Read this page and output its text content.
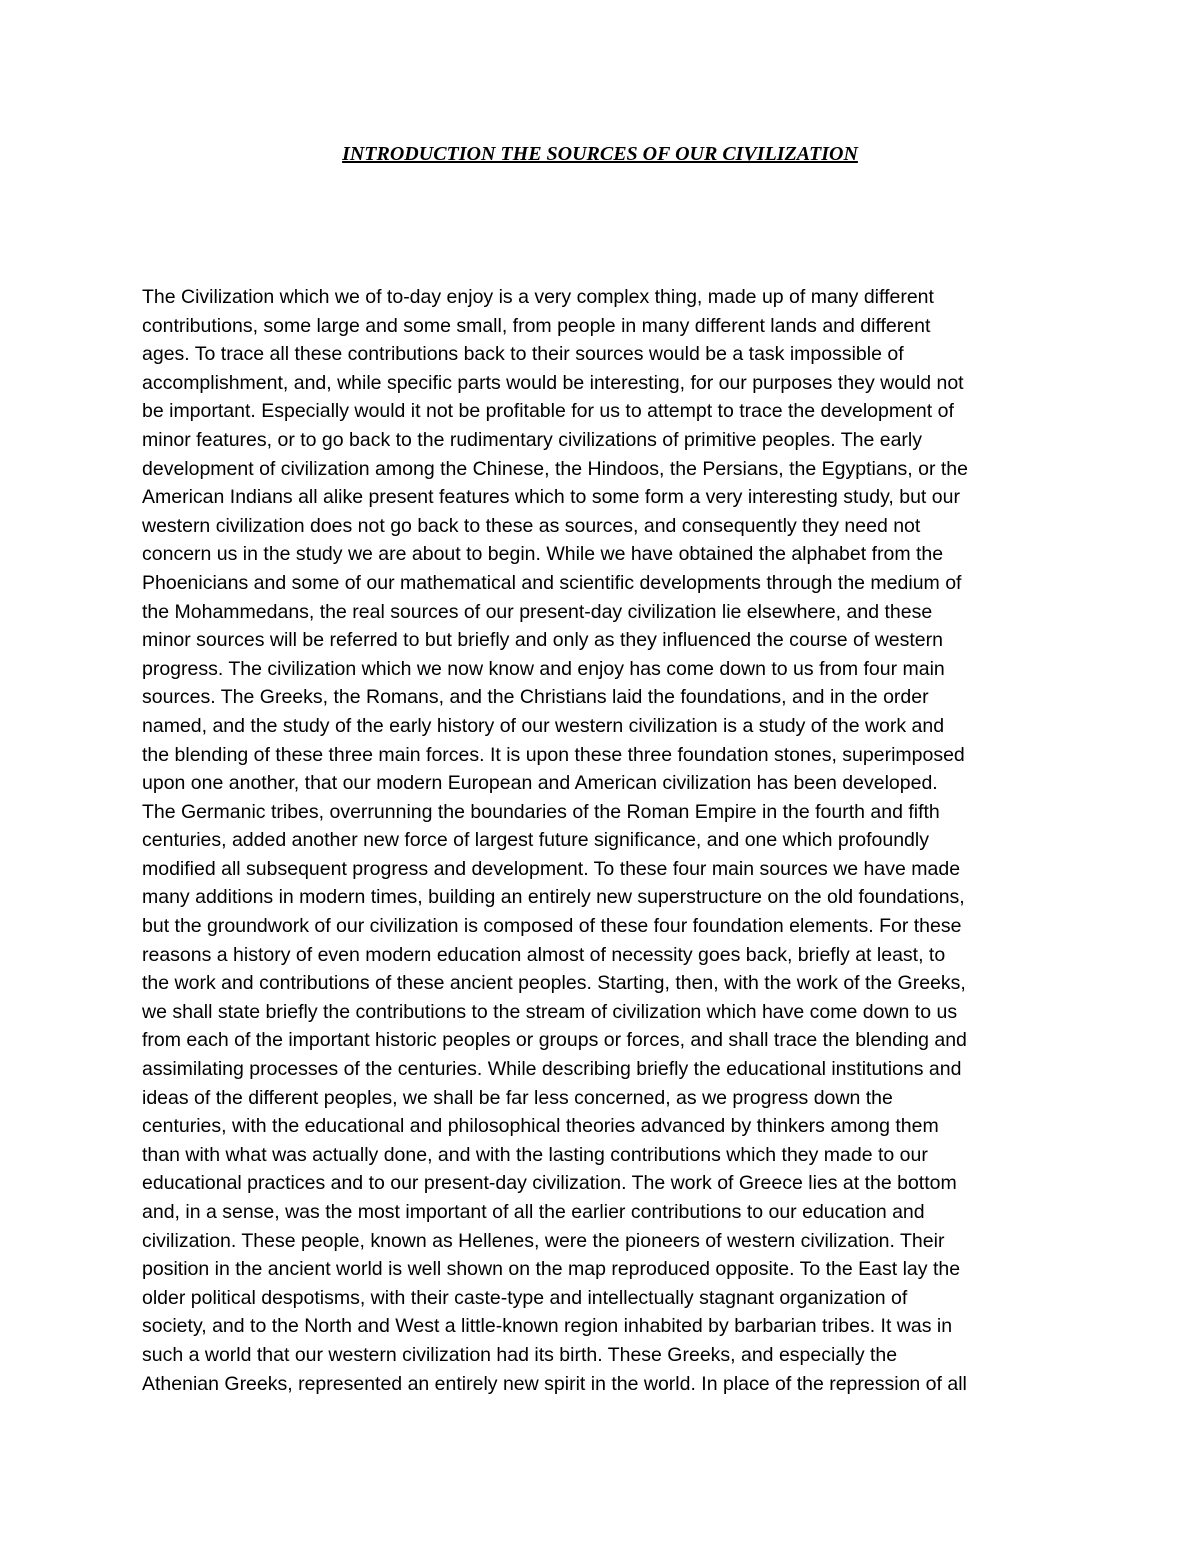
INTRODUCTION THE SOURCES OF OUR CIVILIZATION
The Civilization which we of to-day enjoy is a very complex thing, made up of many different
contributions, some large and some small, from people in many different lands and different
ages. To trace all these contributions back to their sources would be a task impossible of
accomplishment, and, while specific parts would be interesting, for our purposes they would not
be important. Especially would it not be profitable for us to attempt to trace the development of
minor features, or to go back to the rudimentary civilizations of primitive peoples. The early
development of civilization among the Chinese, the Hindoos, the Persians, the Egyptians, or the
American Indians all alike present features which to some form a very interesting study, but our
western civilization does not go back to these as sources, and consequently they need not
concern us in the study we are about to begin. While we have obtained the alphabet from the
Phoenicians and some of our mathematical and scientific developments through the medium of
the Mohammedans, the real sources of our present-day civilization lie elsewhere, and these
minor sources will be referred to but briefly and only as they influenced the course of western
progress. The civilization which we now know and enjoy has come down to us from four main
sources. The Greeks, the Romans, and the Christians laid the foundations, and in the order
named, and the study of the early history of our western civilization is a study of the work and
the blending of these three main forces. It is upon these three foundation stones, superimposed
upon one another, that our modern European and American civilization has been developed.
The Germanic tribes, overrunning the boundaries of the Roman Empire in the fourth and fifth
centuries, added another new force of largest future significance, and one which profoundly
modified all subsequent progress and development. To these four main sources we have made
many additions in modern times, building an entirely new superstructure on the old foundations,
but the groundwork of our civilization is composed of these four foundation elements. For these
reasons a history of even modern education almost of necessity goes back, briefly at least, to
the work and contributions of these ancient peoples. Starting, then, with the work of the Greeks,
we shall state briefly the contributions to the stream of civilization which have come down to us
from each of the important historic peoples or groups or forces, and shall trace the blending and
assimilating processes of the centuries. While describing briefly the educational institutions and
ideas of the different peoples, we shall be far less concerned, as we progress down the
centuries, with the educational and philosophical theories advanced by thinkers among them
than with what was actually done, and with the lasting contributions which they made to our
educational practices and to our present-day civilization. The work of Greece lies at the bottom
and, in a sense, was the most important of all the earlier contributions to our education and
civilization. These people, known as Hellenes, were the pioneers of western civilization. Their
position in the ancient world is well shown on the map reproduced opposite. To the East lay the
older political despotisms, with their caste-type and intellectually stagnant organization of
society, and to the North and West a little-known region inhabited by barbarian tribes. It was in
such a world that our western civilization had its birth. These Greeks, and especially the
Athenian Greeks, represented an entirely new spirit in the world. In place of the repression of all
